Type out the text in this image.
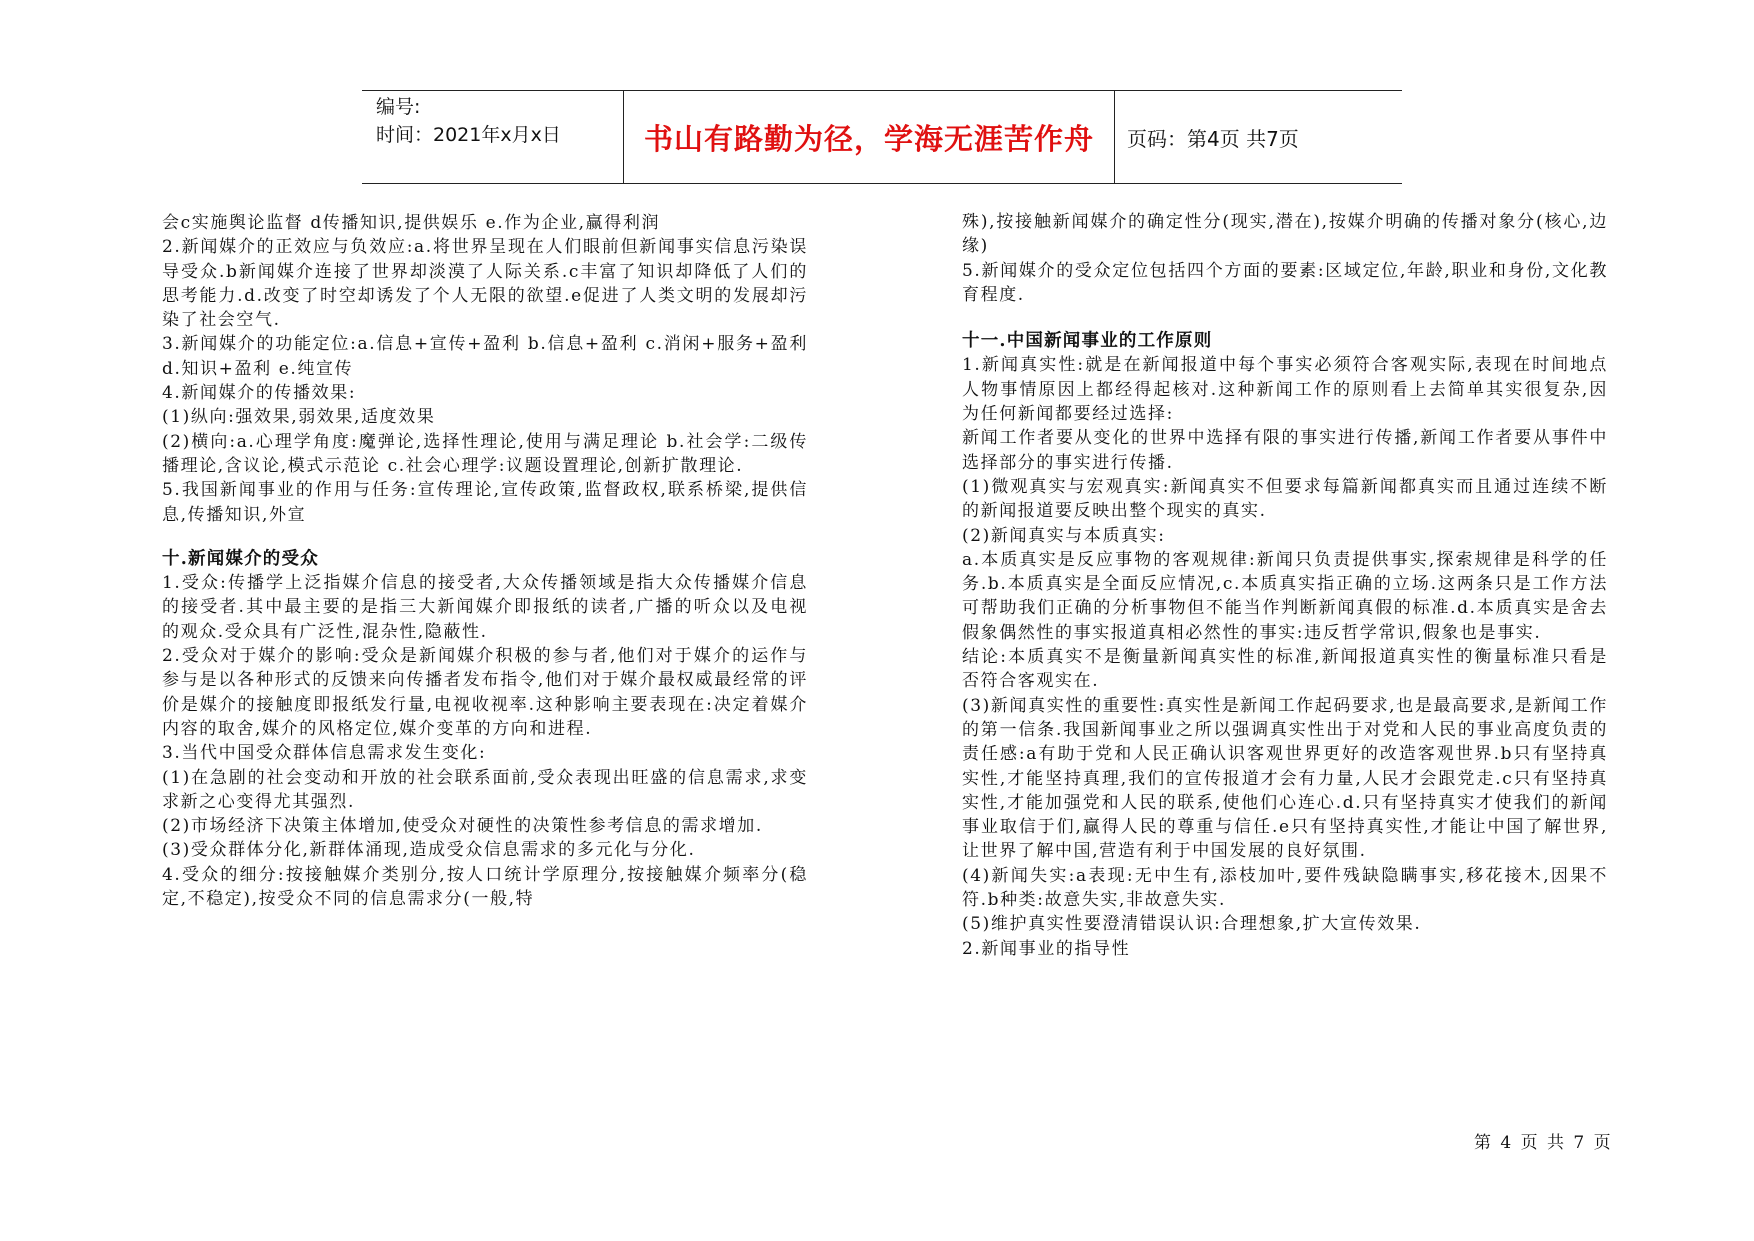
编号:
时间：2021年x月x日	书山有路勤为径，学海无涯苦作舟	页码：第4页 共7页

会c实施舆论监督 d传播知识,提供娱乐 e.作为企业,赢得利润

2.新闻媒介的正效应与负效应:a.将世界呈现在人们眼前但新闻事实信息污染误导受众.b新闻媒介连接了世界却淡漠了人际关系.c丰富了知识却降低了人们的思考能力.d.改变了时空却诱发了个人无限的欲望.e促进了人类文明的发展却污染了社会空气.

3.新闻媒介的功能定位:a.信息+宣传+盈利 b.信息+盈利 c.消闲+服务+盈利 d.知识+盈利 e.纯宣传

4.新闻媒介的传播效果:

(1)纵向:强效果,弱效果,适度效果

(2)横向:a.心理学角度:魔弹论,选择性理论,使用与满足理论 b.社会学:二级传播理论,含议论,模式示范论 c.社会心理学:议题设置理论,创新扩散理论.

5.我国新闻事业的作用与任务:宣传理论,宣传政策,监督政权,联系桥梁,提供信息,传播知识,外宣

十.新闻媒介的受众

1.受众:传播学上泛指媒介信息的接受者,大众传播领域是指大众传播媒介信息的接受者.其中最主要的是指三大新闻媒介即报纸的读者,广播的听众以及电视的观众.受众具有广泛性,混杂性,隐蔽性.

2.受众对于媒介的影响:受众是新闻媒介积极的参与者,他们对于媒介的运作与参与是以各种形式的反馈来向传播者发布指令,他们对于媒介最权威最经常的评价是媒介的接触度即报纸发行量,电视收视率.这种影响主要表现在:决定着媒介内容的取舍,媒介的风格定位,媒介变革的方向和进程.

3.当代中国受众群体信息需求发生变化:

(1)在急剧的社会变动和开放的社会联系面前,受众表现出旺盛的信息需求,求变求新之心变得尤其强烈.

(2)市场经济下决策主体增加,使受众对硬性的决策性参考信息的需求增加.

(3)受众群体分化,新群体涌现,造成受众信息需求的多元化与分化.

4.受众的细分:按接触媒介类别分,按人口统计学原理分,按接触媒介频率分(稳定,不稳定),按受众不同的信息需求分(一般,特

殊),按接触新闻媒介的确定性分(现实,潜在),按媒介明确的传播对象分(核心,边缘)

5.新闻媒介的受众定位包括四个方面的要素:区域定位,年龄,职业和身份,文化教育程度.

十一.中国新闻事业的工作原则

1.新闻真实性:就是在新闻报道中每个事实必须符合客观实际,表现在时间地点人物事情原因上都经得起核对.这种新闻工作的原则看上去简单其实很复杂,因为任何新闻都要经过选择:

新闻工作者要从变化的世界中选择有限的事实进行传播,新闻工作者要从事件中选择部分的事实进行传播.

(1)微观真实与宏观真实:新闻真实不但要求每篇新闻都真实而且通过连续不断的新闻报道要反映出整个现实的真实.

(2)新闻真实与本质真实:

a.本质真实是反应事物的客观规律:新闻只负责提供事实,探索规律是科学的任务.b.本质真实是全面反应情况,c.本质真实指正确的立场.这两条只是工作方法可帮助我们正确的分析事物但不能当作判断新闻真假的标准.d.本质真实是舍去假象偶然性的事实报道真相必然性的事实:违反哲学常识,假象也是事实.

结论:本质真实不是衡量新闻真实性的标准,新闻报道真实性的衡量标准只看是否符合客观实在.

(3)新闻真实性的重要性:真实性是新闻工作起码要求,也是最高要求,是新闻工作的第一信条.我国新闻事业之所以强调真实性出于对党和人民的事业高度负责的责任感:a有助于党和人民正确认识客观世界更好的改造客观世界.b只有坚持真实性,才能坚持真理,我们的宣传报道才会有力量,人民才会跟党走.c只有坚持真实性,才能加强党和人民的联系,使他们心连心.d.只有坚持真实才使我们的新闻事业取信于们,赢得人民的尊重与信任.e只有坚持真实性,才能让中国了解世界,让世界了解中国,营造有利于中国发展的良好氛围.

(4)新闻失实:a表现:无中生有,添枝加叶,要件残缺隐瞒事实,移花接木,因果不符.b种类:故意失实,非故意失实.

(5)维护真实性要澄清错误认识:合理想象,扩大宣传效果.

2.新闻事业的指导性

第 4 页 共 7 页
